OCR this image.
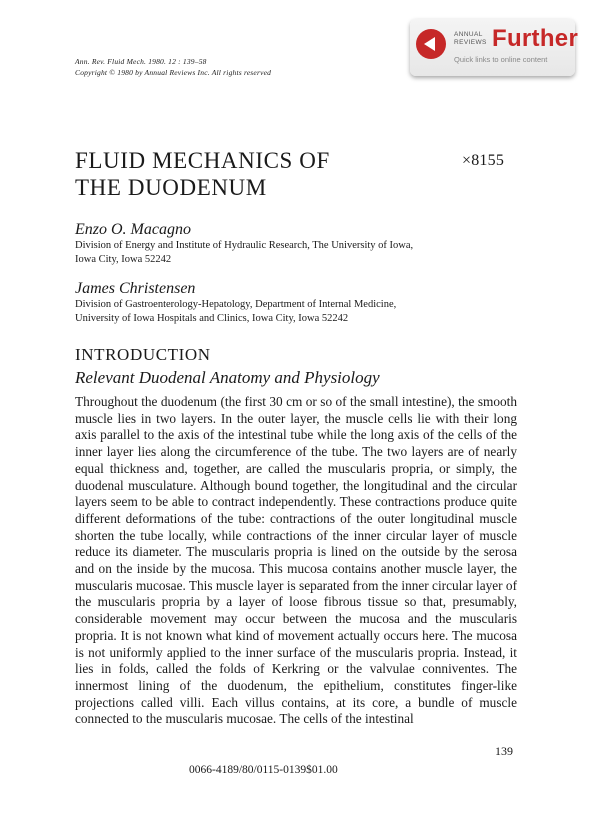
Ann. Rev. Fluid Mech. 1980. 12 : 139–58
Copyright © 1980 by Annual Reviews Inc. All rights reserved
ANNUAL
REVIEWS Further
Quick links to online content
FLUID MECHANICS OF
THE DUODENUM
×8155
Enzo O. Macagno
Division of Energy and Institute of Hydraulic Research, The University of Iowa,
Iowa City, Iowa 52242
James Christensen
Division of Gastroenterology-Hepatology, Department of Internal Medicine,
University of Iowa Hospitals and Clinics, Iowa City, Iowa 52242
INTRODUCTION
Relevant Duodenal Anatomy and Physiology

Throughout the duodenum (the first 30 cm or so of the small intestine), the smooth muscle lies in two layers. In the outer layer, the muscle cells lie with their long axis parallel to the axis of the intestinal tube while the long axis of the cells of the inner layer lies along the circumference of the tube. The two layers are of nearly equal thickness and, together, are called the muscularis propria, or simply, the duodenal musculature. Although bound together, the longitudinal and the circular layers seem to be able to contract independently. These contractions produce quite different deformations of the tube: contractions of the outer longitudinal muscle shorten the tube locally, while contractions of the inner circular layer of muscle reduce its diameter. The muscularis propria is lined on the outside by the serosa and on the inside by the mucosa. This mucosa contains another muscle layer, the muscularis mucosae. This muscle layer is separated from the inner circular layer of the muscularis propria by a layer of loose fibrous tissue so that, presumably, considerable movement may occur between the mucosa and the muscularis propria. It is not known what kind of movement actually occurs here. The mucosa is not uniformly applied to the inner surface of the muscularis propria. Instead, it lies in folds, called the folds of Kerkring or the valvulae conniventes. The innermost lining of the duodenum, the epithelium, constitutes finger-like projections called villi. Each villus contains, at its core, a bundle of muscle connected to the muscularis mucosae. The cells of the intestinal

139
0066-4189/80/0115-0139$01.00
